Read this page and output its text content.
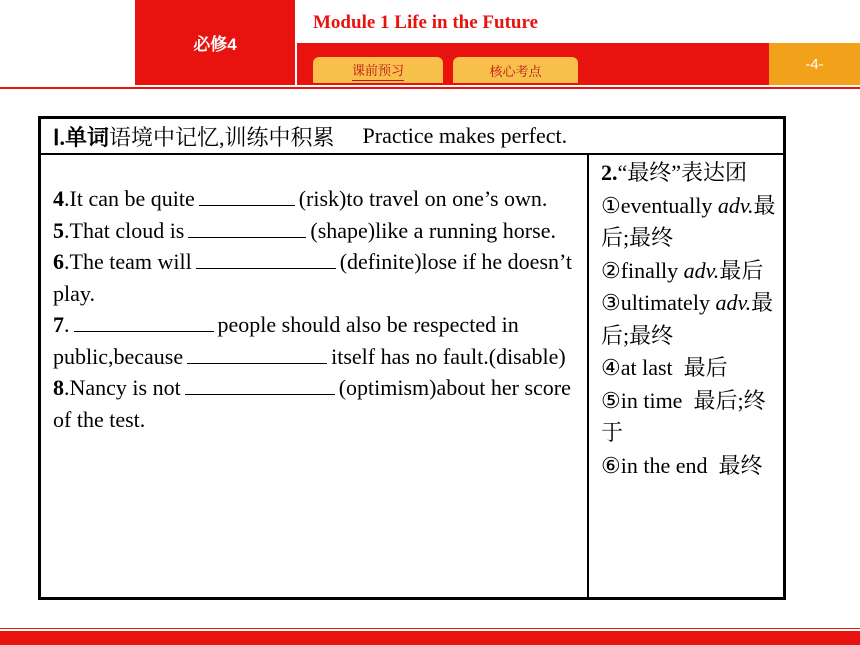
必修4
Module 1 Life in the Future
-4-
课前预习	核心考点
Ⅰ.单词 语境中记忆,训练中积累 Practice makes perfect.

4.It can be quite	(risk)to travel on one’s own.

5.That cloud is	(shape)like a running horse.

6.The team will	(definite)lose if he doesn’t play.

7.	people should also be respected in public,because	itself has no fault.(disable)

8.Nancy is not	(optimism)about her score of the test.

2.“最终”表达团

①eventually adv.最后;最终

②finally adv.最后

③ultimately adv.最后;最终

④at last 最后

⑤in time 最后;终于

⑥in the end 最终
